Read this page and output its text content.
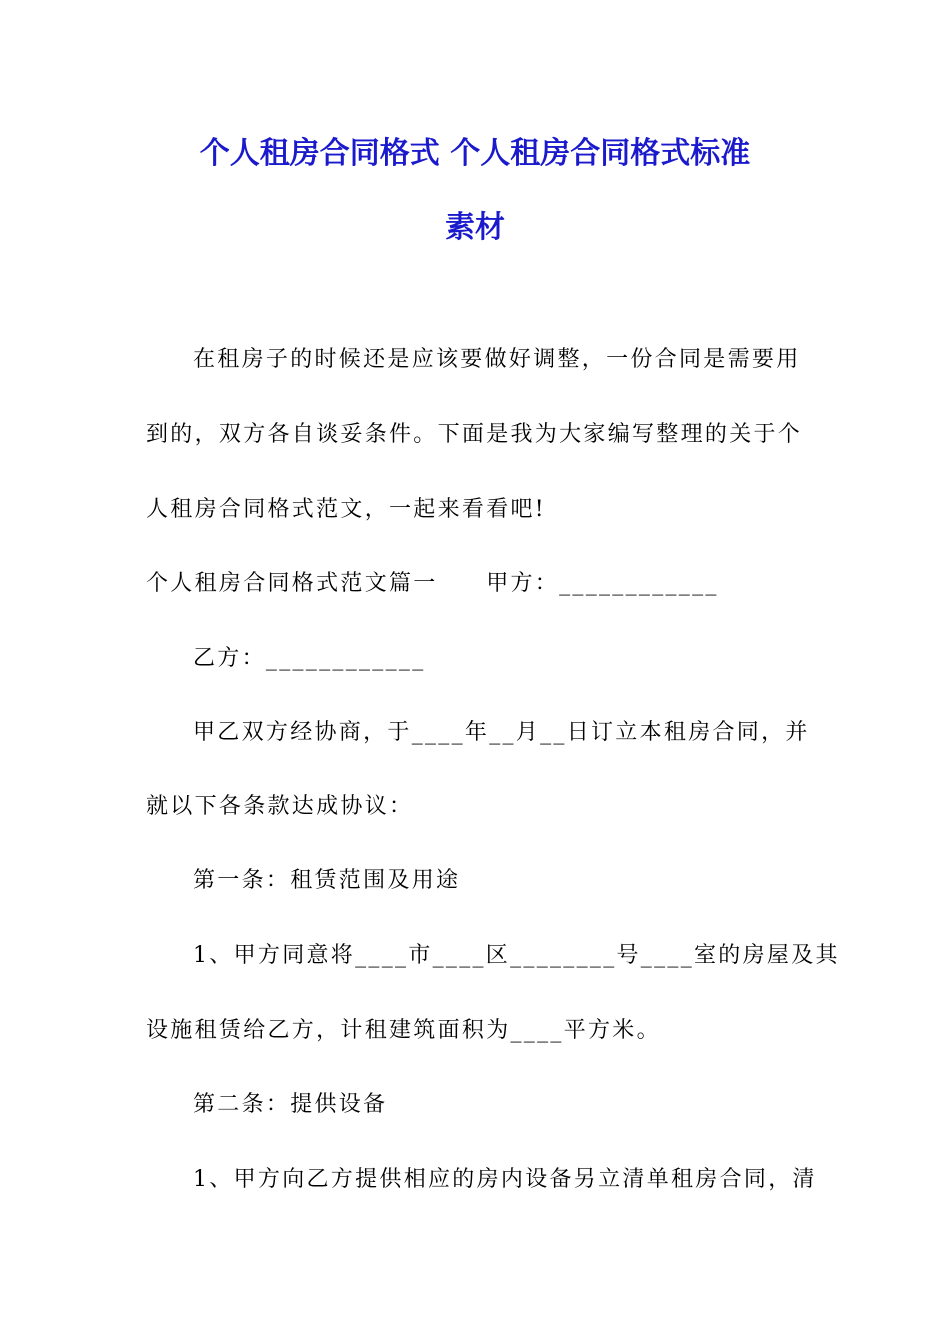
个人租房合同格式 个人租房合同格式标准
素材
在租房子的时候还是应该要做好调整，一份合同是需要用
到的，双方各自谈妥条件。下面是我为大家编写整理的关于个
人租房合同格式范文，一起来看看吧!
个人租房合同格式范文篇一　　甲方：____________
乙方：____________
甲乙双方经协商，于____年__月__日订立本租房合同，并
就以下各条款达成协议：
第一条：租赁范围及用途
1、甲方同意将____市____区________号____室的房屋及其
设施租赁给乙方，计租建筑面积为____平方米。
第二条：提供设备
1、甲方向乙方提供相应的房内设备另立清单租房合同，清
